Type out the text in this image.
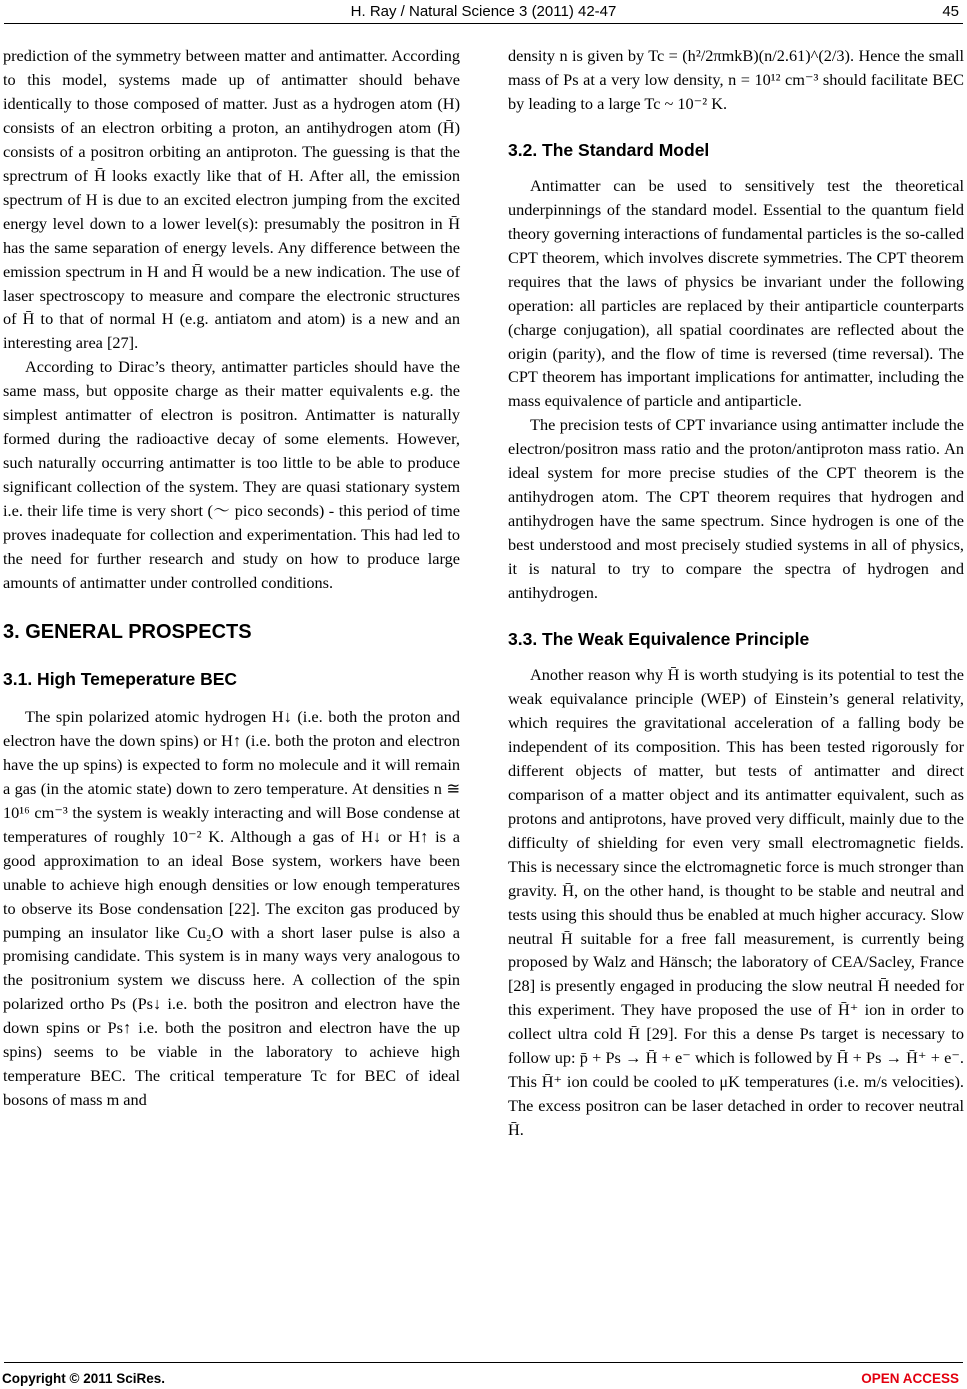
H. Ray / Natural Science 3 (2011) 42-47	45

prediction of the symmetry between matter and antimatter. According to this model, systems made up of antimatter should behave identically to those composed of matter. Just as a hydrogen atom (H) consists of an electron orbiting a proton, an antihydrogen atom (H̄) consists of a positron orbiting an antiproton. The guessing is that the sprectrum of H̄ looks exactly like that of H. After all, the emission spectrum of H is due to an excited electron jumping from the excited energy level down to a lower level(s): presumably the positron in H̄ has the same separation of energy levels. Any difference between the emission spectrum in H and H̄ would be a new indication. The use of laser spectroscopy to measure and compare the electronic structures of H̄ to that of normal H (e.g. antiatom and atom) is a new and an interesting area [27].

According to Dirac’s theory, antimatter particles should have the same mass, but opposite charge as their matter equivalents e.g. the simplest antimatter of electron is positron. Antimatter is naturally formed during the radioactive decay of some elements. However, such naturally occurring antimatter is too little to be able to produce significant collection of the system. They are quasi stationary system i.e. their life time is very short (～ pico seconds) - this period of time proves inadequate for collection and experimentation. This had led to the need for further research and study on how to produce large amounts of antimatter under controlled conditions.

3. GENERAL PROSPECTS
3.1. High Temeperature BEC

The spin polarized atomic hydrogen H↓ (i.e. both the proton and electron have the down spins) or H↑ (i.e. both the proton and electron have the up spins) is expected to form no molecule and it will remain a gas (in the atomic state) down to zero temperature. At densities n ≅ 10¹⁶ cm⁻³ the system is weakly interacting and will Bose condense at temperatures of roughly 10⁻² K. Although a gas of H↓ or H↑ is a good approximation to an ideal Bose system, workers have been unable to achieve high enough densities or low enough temperatures to observe its Bose condensation [22]. The exciton gas produced by pumping an insulator like Cu₂O with a short laser pulse is also a promising candidate. This system is in many ways very analogous to the positronium system we discuss here. A collection of the spin polarized ortho Ps (Ps↓ i.e. both the positron and electron have the down spins or Ps↑ i.e. both the positron and electron have the up spins) seems to be viable in the laboratory to achieve high temperature BEC. The critical temperature Tc for BEC of ideal bosons of mass m and

density n is given by Tc = (h²/2πmkB)(n/2.61)^(2/3). Hence the small mass of Ps at a very low density, n = 10¹² cm⁻³ should facilitate BEC by leading to a large Tc ~ 10⁻² K.

3.2. The Standard Model

Antimatter can be used to sensitively test the theoretical underpinnings of the standard model. Essential to the quantum field theory governing interactions of fundamental particles is the so-called CPT theorem, which involves discrete symmetries. The CPT theorem requires that the laws of physics be invariant under the following operation: all particles are replaced by their antiparticle counterparts (charge conjugation), all spatial coordinates are reflected about the origin (parity), and the flow of time is reversed (time reversal). The CPT theorem has important implications for antimatter, including the mass equivalence of particle and antiparticle.

The precision tests of CPT invariance using antimatter include the electron/positron mass ratio and the proton/antiproton mass ratio. An ideal system for more precise studies of the CPT theorem is the antihydrogen atom. The CPT theorem requires that hydrogen and antihydrogen have the same spectrum. Since hydrogen is one of the best understood and most precisely studied systems in all of physics, it is natural to try to compare the spectra of hydrogen and antihydrogen.

3.3. The Weak Equivalence Principle

Another reason why H̄ is worth studying is its potential to test the weak equivalance principle (WEP) of Einstein’s general relativity, which requires the gravitational acceleration of a falling body be independent of its composition. This has been tested rigorously for different objects of matter, but tests of antimatter and direct comparison of a matter object and its antimatter equivalent, such as protons and antiprotons, have proved very difficult, mainly due to the difficulty of shielding for even very small electromagnetic fields. This is necessary since the elctromagnetic force is much stronger than gravity. H̄, on the other hand, is thought to be stable and neutral and tests using this should thus be enabled at much higher accuracy. Slow neutral H̄ suitable for a free fall measurement, is currently being proposed by Walz and Hänsch; the laboratory of CEA/Sacley, France [28] is presently engaged in producing the slow neutral H̄ needed for this experiment. They have proposed the use of H̄⁺ ion in order to collect ultra cold H̄ [29]. For this a dense Ps target is necessary to follow up: p̄ + Ps → H̄ + e⁻ which is followed by H̄ + Ps → H̄⁺ + e⁻. This H̄⁺ ion could be cooled to μK temperatures (i.e. m/s velocities). The excess positron can be laser detached in order to recover neutral H̄.

Copyright © 2011 SciRes.	OPEN ACCESS
